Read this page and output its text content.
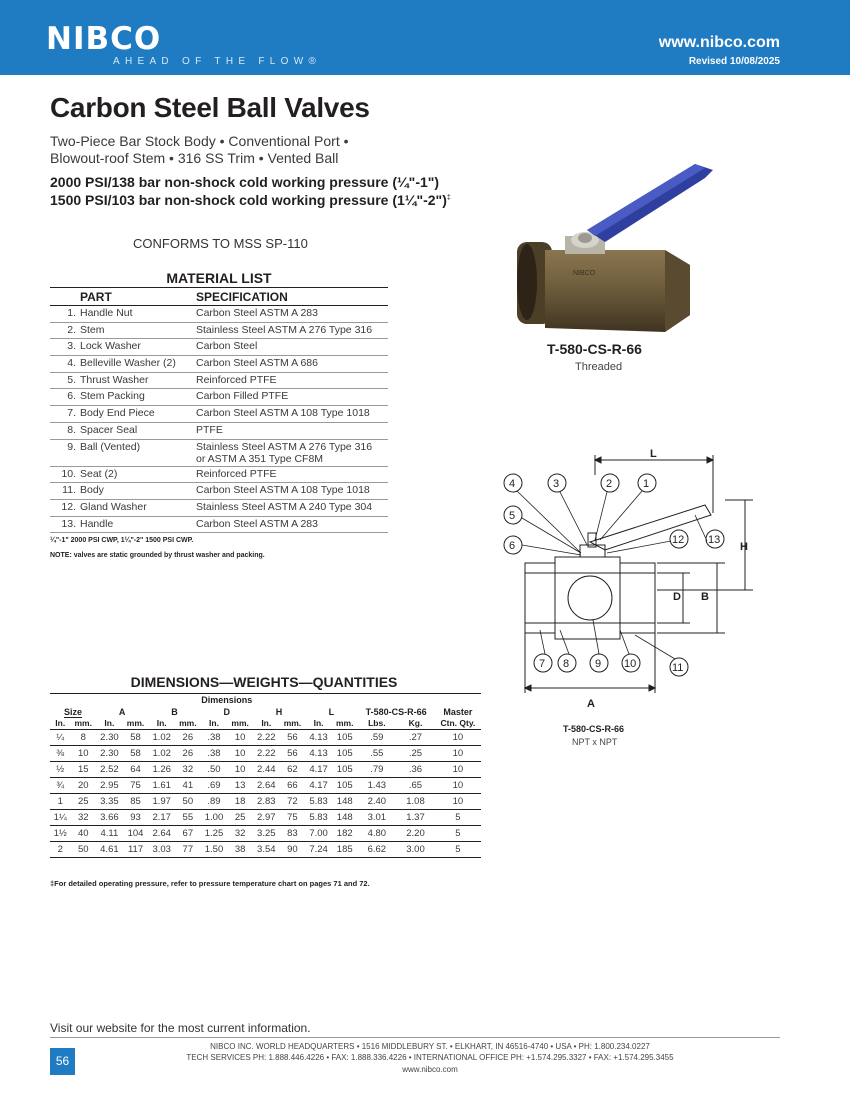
NIBCO
AHEAD OF THE FLOW®
www.nibco.com
Revised 10/08/2025
Carbon Steel Ball Valves
Two-Piece Bar Stock Body • Conventional Port •
Blowout-roof Stem • 316 SS Trim • Vented Ball
2000 PSI/138 bar non-shock cold working pressure (¼"-1")
1500 PSI/103 bar non-shock cold working pressure (1¼"-2")‡
CONFORMS TO MSS SP-110
MATERIAL LIST
PART		SPECIFICATION
1.	Handle Nut	Carbon Steel ASTM A 283

2.	Stem	Stainless Steel ASTM A 276 Type 316

3.	Lock Washer	Carbon Steel

4.	Belleville Washer (2)	Carbon Steel ASTM A 686

5.	Thrust Washer	Reinforced PTFE

6.	Stem Packing	Carbon Filled PTFE

7.	Body End Piece	Carbon Steel ASTM A 108 Type 1018

8.	Spacer Seal	PTFE

9.	Ball (Vented)	Stainless Steel ASTM A 276 Type 316
or ASTM A 351 Type CF8M

10.	Seat (2)	Reinforced PTFE

11.	Body	Carbon Steel ASTM A 108 Type 1018

12.	Gland Washer	Stainless Steel ASTM A 240 Type 304

13.	Handle	Carbon Steel ASTM A 283
¼"-1" 2000 PSI CWP, 1¼"-2" 1500 PSI CWP.
NOTE: valves are static grounded by thrust washer and packing.
NIBCO
T-580-CS-R-66
Threaded
L
H
D B
A
4	3	2	1
5
12 13
6
7 8 9 10	11
T-580-CS-R-66
NPT x NPT
DIMENSIONS—WEIGHTS—QUANTITIES
		Dimensions												
Size		A		B		D		H		L		T-580-CS-R-66		Master
In.	mm.	In.	mm.	In.	mm.	In.	mm.	In.	mm.	In.	mm.	Lbs.	Kg.	Ctn. Qty.
¼	8	2.30	58	1.02	26	.38	10	2.22	56	4.13	105	.59	.27	10
⅜	10	2.30	58	1.02	26	.38	10	2.22	56	4.13	105	.55	.25	10
½	15	2.52	64	1.26	32	.50	10	2.44	62	4.17	105	.79	.36	10
¾	20	2.95	75	1.61	41	.69	13	2.64	66	4.17	105	1.43	.65	10
1	25	3.35	85	1.97	50	.89	18	2.83	72	5.83	148	2.40	1.08	10
1¼	32	3.66	93	2.17	55	1.00	25	2.97	75	5.83	148	3.01	1.37	5
1½	40	4.11	104	2.64	67	1.25	32	3.25	83	7.00	182	4.80	2.20	5
2	50	4.61	117	3.03	77	1.50	38	3.54	90	7.24	185	6.62	3.00	5
‡For detailed operating pressure, refer to pressure temperature chart on pages 71 and 72.
Visit our website for the most current information.
56
NIBCO INC. WORLD HEADQUARTERS • 1516 MIDDLEBURY ST. • ELKHART, IN 46516-4740 • USA • PH: 1.800.234.0227
TECH SERVICES PH: 1.888.446.4226 • FAX: 1.888.336.4226 • INTERNATIONAL OFFICE PH: +1.574.295.3327 • FAX: +1.574.295.3455
www.nibco.com
